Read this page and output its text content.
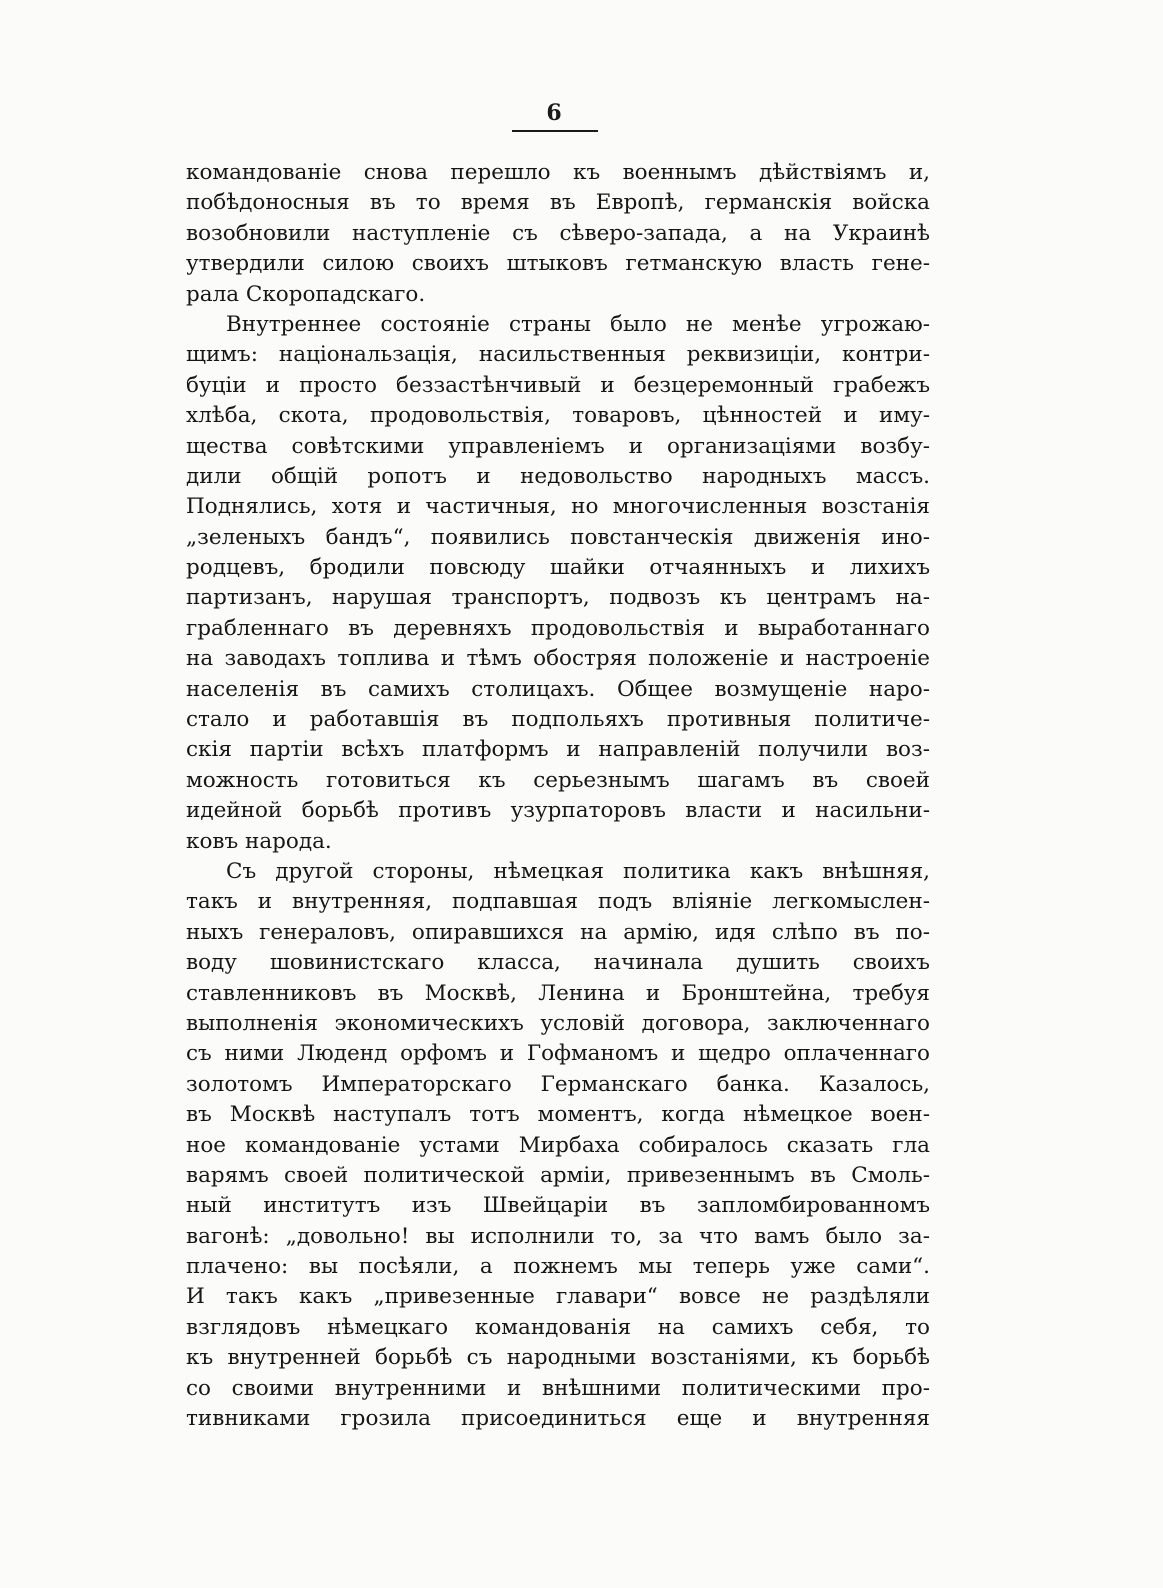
6
командованіе снова перешло къ военнымъ дѣйствіямъ и,
побѣдоносныя въ то время въ Европѣ, германскія войска
возобновили наступленіе съ сѣверо-запада, а на Украинѣ
утвердили силою своихъ штыковъ гетманскую власть гене-
рала Скоропадскаго.
Внутреннее состояніе страны было не менѣе угрожаю-
щимъ: національзація, насильственныя реквизиціи, контри-
буціи и просто беззастѣнчивый и безцеремонный грабежъ
хлѣба, скота, продовольствія, товаровъ, цѣнностей и иму-
щества совѣтскими управленіемъ и организаціями возбу-
дили общій ропотъ и недовольство народныхъ массъ.
Поднялись, хотя и частичныя, но многочисленныя возстанія
„зеленыхъ бандъ“, появились повстанческія движенія ино-
родцевъ, бродили повсюду шайки отчаянныхъ и лихихъ
партизанъ, нарушая транспортъ, подвозъ къ центрамъ на-
грабленнаго въ деревняхъ продовольствія и выработаннаго
на заводахъ топлива и тѣмъ обостряя положеніе и настроеніе
населенія въ самихъ столицахъ. Общее возмущеніе наро-
стало и работавшія въ подпольяхъ противныя политиче-
скія партіи всѣхъ платформъ и направленій получили воз-
можность готовиться къ серьезнымъ шагамъ въ своей
идейной борьбѣ противъ узурпаторовъ власти и насильни-
ковъ народа.
Съ другой стороны, нѣмецкая политика какъ внѣшняя,
такъ и внутренняя, подпавшая подъ вліяніе легкомыслен-
ныхъ генераловъ, опиравшихся на армію, идя слѣпо въ по-
воду шовинистскаго класса, начинала душить своихъ
ставленниковъ въ Москвѣ, Ленина и Бронштейна, требуя
выполненія экономическихъ условій договора, заключеннаго
съ ними Люденд орфомъ и Гофманомъ и щедро оплаченнаго
золотомъ Императорскаго Германскаго банка. Казалось,
въ Москвѣ наступалъ тотъ моментъ, когда нѣмецкое воен-
ное командованіе устами Мирбаха собиралось сказать гла
варямъ своей политической арміи, привезеннымъ въ Смоль-
ный институтъ изъ Швейцаріи въ запломбированномъ
вагонѣ: „довольно! вы исполнили то, за что вамъ было за-
плачено: вы посѣяли, а пожнемъ мы теперь уже сами“.
И такъ какъ „привезенные главари“ вовсе не раздѣляли
взглядовъ нѣмецкаго командованія на самихъ себя, то
къ внутренней борьбѣ съ народными возстаніями, къ борьбѣ
со своими внутренними и внѣшними политическими про-
тивниками грозила присоединиться еще и внутренняя
